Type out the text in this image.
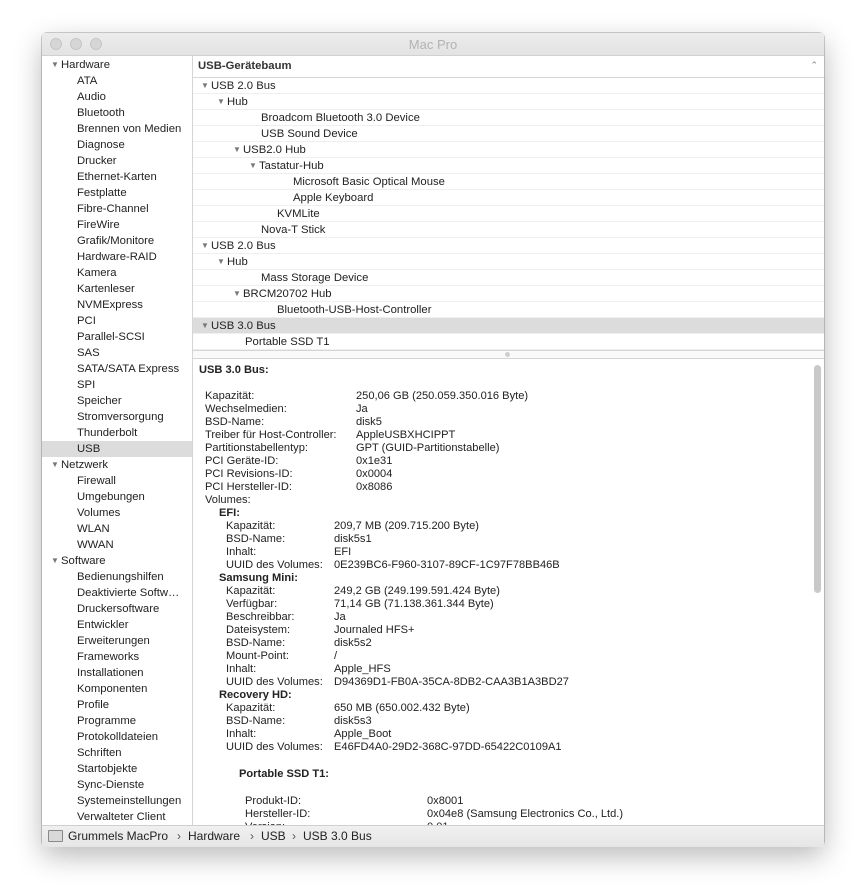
Mac Pro
▼ Hardware
ATA
Audio
Bluetooth
Brennen von Medien
Diagnose
Drucker
Ethernet-Karten
Festplatte
Fibre-Channel
FireWire
Grafik/Monitore
Hardware-RAID
Kamera
Kartenleser
NVMExpress
PCI
Parallel-SCSI
SAS
SATA/SATA Express
SPI
Speicher
Stromversorgung
Thunderbolt
USB
▼ Netzwerk
Firewall
Umgebungen
Volumes
WLAN
WWAN
▼ Software
Bedienungshilfen
Deaktivierte Softw…
Druckersoftware
Entwickler
Erweiterungen
Frameworks
Installationen
Komponenten
Profile
Programme
Protokolldateien
Schriften
Startobjekte
Sync-Dienste
Systemeinstellungen
Verwalteter Client
USB-Gerätebaum	⌃
▼ USB 2.0 Bus
▼ Hub
Broadcom Bluetooth 3.0 Device
USB Sound Device
▼ USB2.0 Hub
▼ Tastatur-Hub
Microsoft Basic Optical Mouse
Apple Keyboard
KVMLite
Nova-T Stick
▼ USB 2.0 Bus
▼ Hub
Mass Storage Device
▼ BRCM20702 Hub
Bluetooth-USB-Host-Controller
▼ USB 3.0 Bus
Portable SSD T1
USB 3.0 Bus:
Kapazität:	250,06 GB (250.059.350.016 Byte)
Wechselmedien:	Ja
BSD-Name:	disk5
Treiber für Host-Controller: AppleUSBXHCIPPT
Partitionstabellentyp:	GPT (GUID-Partitionstabelle)
PCI Geräte-ID:	0x1e31
PCI Revisions-ID:	0x0004
PCI Hersteller-ID:	0x8086
Volumes:
EFI:
Kapazität:	209,7 MB (209.715.200 Byte)
BSD-Name:	disk5s1
Inhalt:	EFI
UUID des Volumes: 0E239BC6-F960-3107-89CF-1C97F78BB46B
Samsung Mini:
Kapazität:	249,2 GB (249.199.591.424 Byte)
Verfügbar:	71,14 GB (71.138.361.344 Byte)
Beschreibbar:	Ja
Dateisystem:	Journaled HFS+
BSD-Name:	disk5s2
Mount-Point:	/
Inhalt:	Apple_HFS
UUID des Volumes: D94369D1-FB0A-35CA-8DB2-CAA3B1A3BD27
Recovery HD:
Kapazität:	650 MB (650.002.432 Byte)
BSD-Name:	disk5s3
Inhalt:	Apple_Boot
UUID des Volumes: E46FD4A0-29D2-368C-97DD-65422C0109A1
Portable SSD T1:
Produkt-ID:	0x8001
Hersteller-ID:	0x04e8 (Samsung Electronics Co., Ltd.)
Grummels MacPro › Hardware › USB › USB 3.0 Bus
